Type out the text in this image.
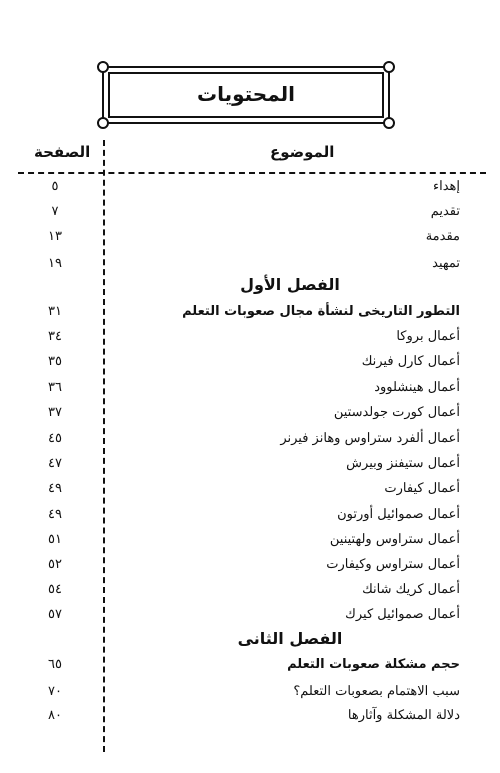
المحتويات
الصفحة	الموضوع
٥	إهداء
٧	تقديم
١٣	مقدمة
١٩	تمهيد
الفصل الأول
٣١	التطور التاريخى لنشأة مجال صعوبات التعلم
٣٤	أعمال بروكا
٣٥	أعمال كارل فيرنك
٣٦	أعمال هينشلوود
٣٧	أعمال كورت جولدستين
٤٥	أعمال ألفرد ستراوس وهانز فيرنر
٤٧	أعمال ستيفنز وبيرش
٤٩	أعمال كيفارت
٤٩	أعمال صموائيل أورتون
٥١	أعمال ستراوس ولهتينين
٥٢	أعمال ستراوس وكيفارت
٥٤	أعمال كريك شانك
٥٧	أعمال صموائيل كيرك
الفصل الثانى
٦٥	حجم مشكلة صعوبات التعلم
٧٠	سبب الاهتمام بصعوبات التعلم؟
٨٠	دلالة المشكلة وآثارها
